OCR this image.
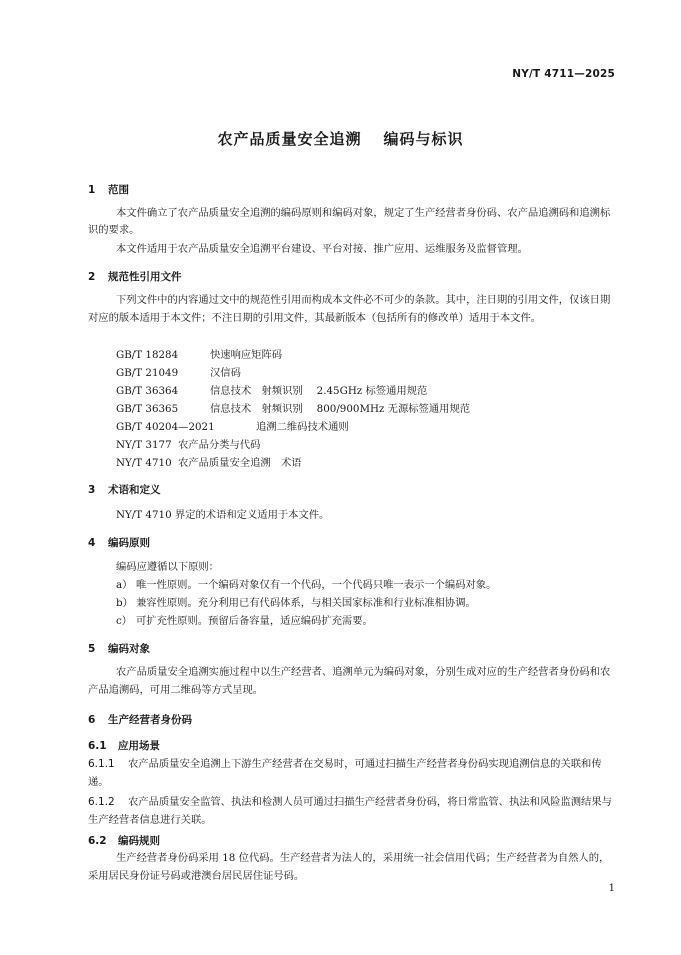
NY/T 4711—2025
农产品质量安全追溯 编码与标识
1 范围
本文件确立了农产品质量安全追溯的编码原则和编码对象，规定了生产经营者身份码、农产品追溯码和追溯标识的要求。
本文件适用于农产品质量安全追溯平台建设、平台对接、推广应用、运维服务及监督管理。
2 规范性引用文件
下列文件中的内容通过文中的规范性引用而构成本文件必不可少的条款。其中，注日期的引用文件，仅该日期对应的版本适用于本文件；不注日期的引用文件，其最新版本（包括所有的修改单）适用于本文件。
GB/T 18284	快速响应矩阵码
GB/T 21049	汉信码
GB/T 36364	信息技术　射频识别 2.45GHz 标签通用规范
GB/T 36365	信息技术　射频识别 800/900MHz 无源标签通用规范
GB/T 40204—2021	追溯二维码技术通则
NY/T 3177 农产品分类与代码
NY/T 4710 农产品质量安全追溯　术语
3 术语和定义
NY/T 4710 界定的术语和定义适用于本文件。
4 编码原则
编码应遵循以下原则：
a） 唯一性原则。一个编码对象仅有一个代码，一个代码只唯一表示一个编码对象。
b） 兼容性原则。充分利用已有代码体系，与相关国家标准和行业标准相协调。
c） 可扩充性原则。预留后备容量，适应编码扩充需要。
5 编码对象
农产品质量安全追溯实施过程中以生产经营者、追溯单元为编码对象，分别生成对应的生产经营者身份码和农产品追溯码，可用二维码等方式呈现。
6 生产经营者身份码
6.1 应用场景
6.1.1 农产品质量安全追溯上下游生产经营者在交易时，可通过扫描生产经营者身份码实现追溯信息的关联和传递。
6.1.2 农产品质量安全监管、执法和检测人员可通过扫描生产经营者身份码，将日常监管、执法和风险监测结果与生产经营者信息进行关联。
6.2 编码规则
生产经营者身份码采用 18 位代码。生产经营者为法人的，采用统一社会信用代码；生产经营者为自然人的，采用居民身份证号码或港澳台居民居住证号码。
1
